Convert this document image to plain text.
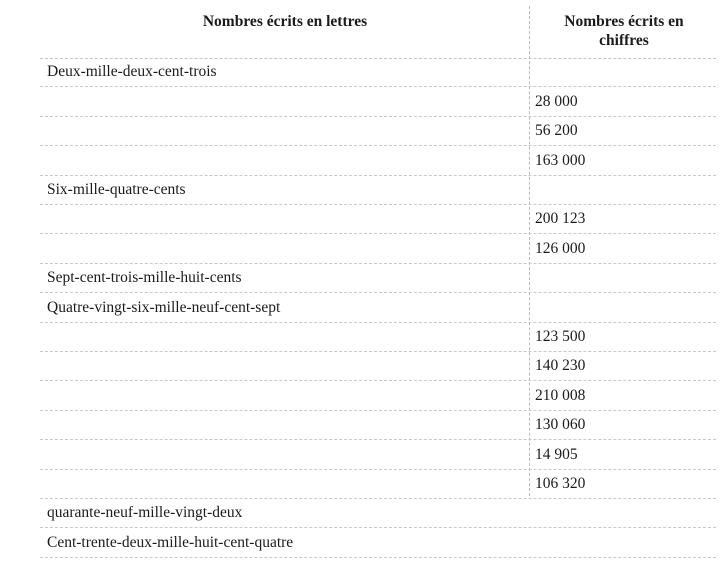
Nombres écrits en lettres	Nombres écrits en
chiffres
Deux-mille-deux-cent-trois
28 000
56 200
163 000
Six-mille-quatre-cents
200 123
126 000
Sept-cent-trois-mille-huit-cents
Quatre-vingt-six-mille-neuf-cent-sept
123 500
140 230
210 008
130 060
14 905
106 320
quarante-neuf-mille-vingt-deux
Cent-trente-deux-mille-huit-cent-quatre
